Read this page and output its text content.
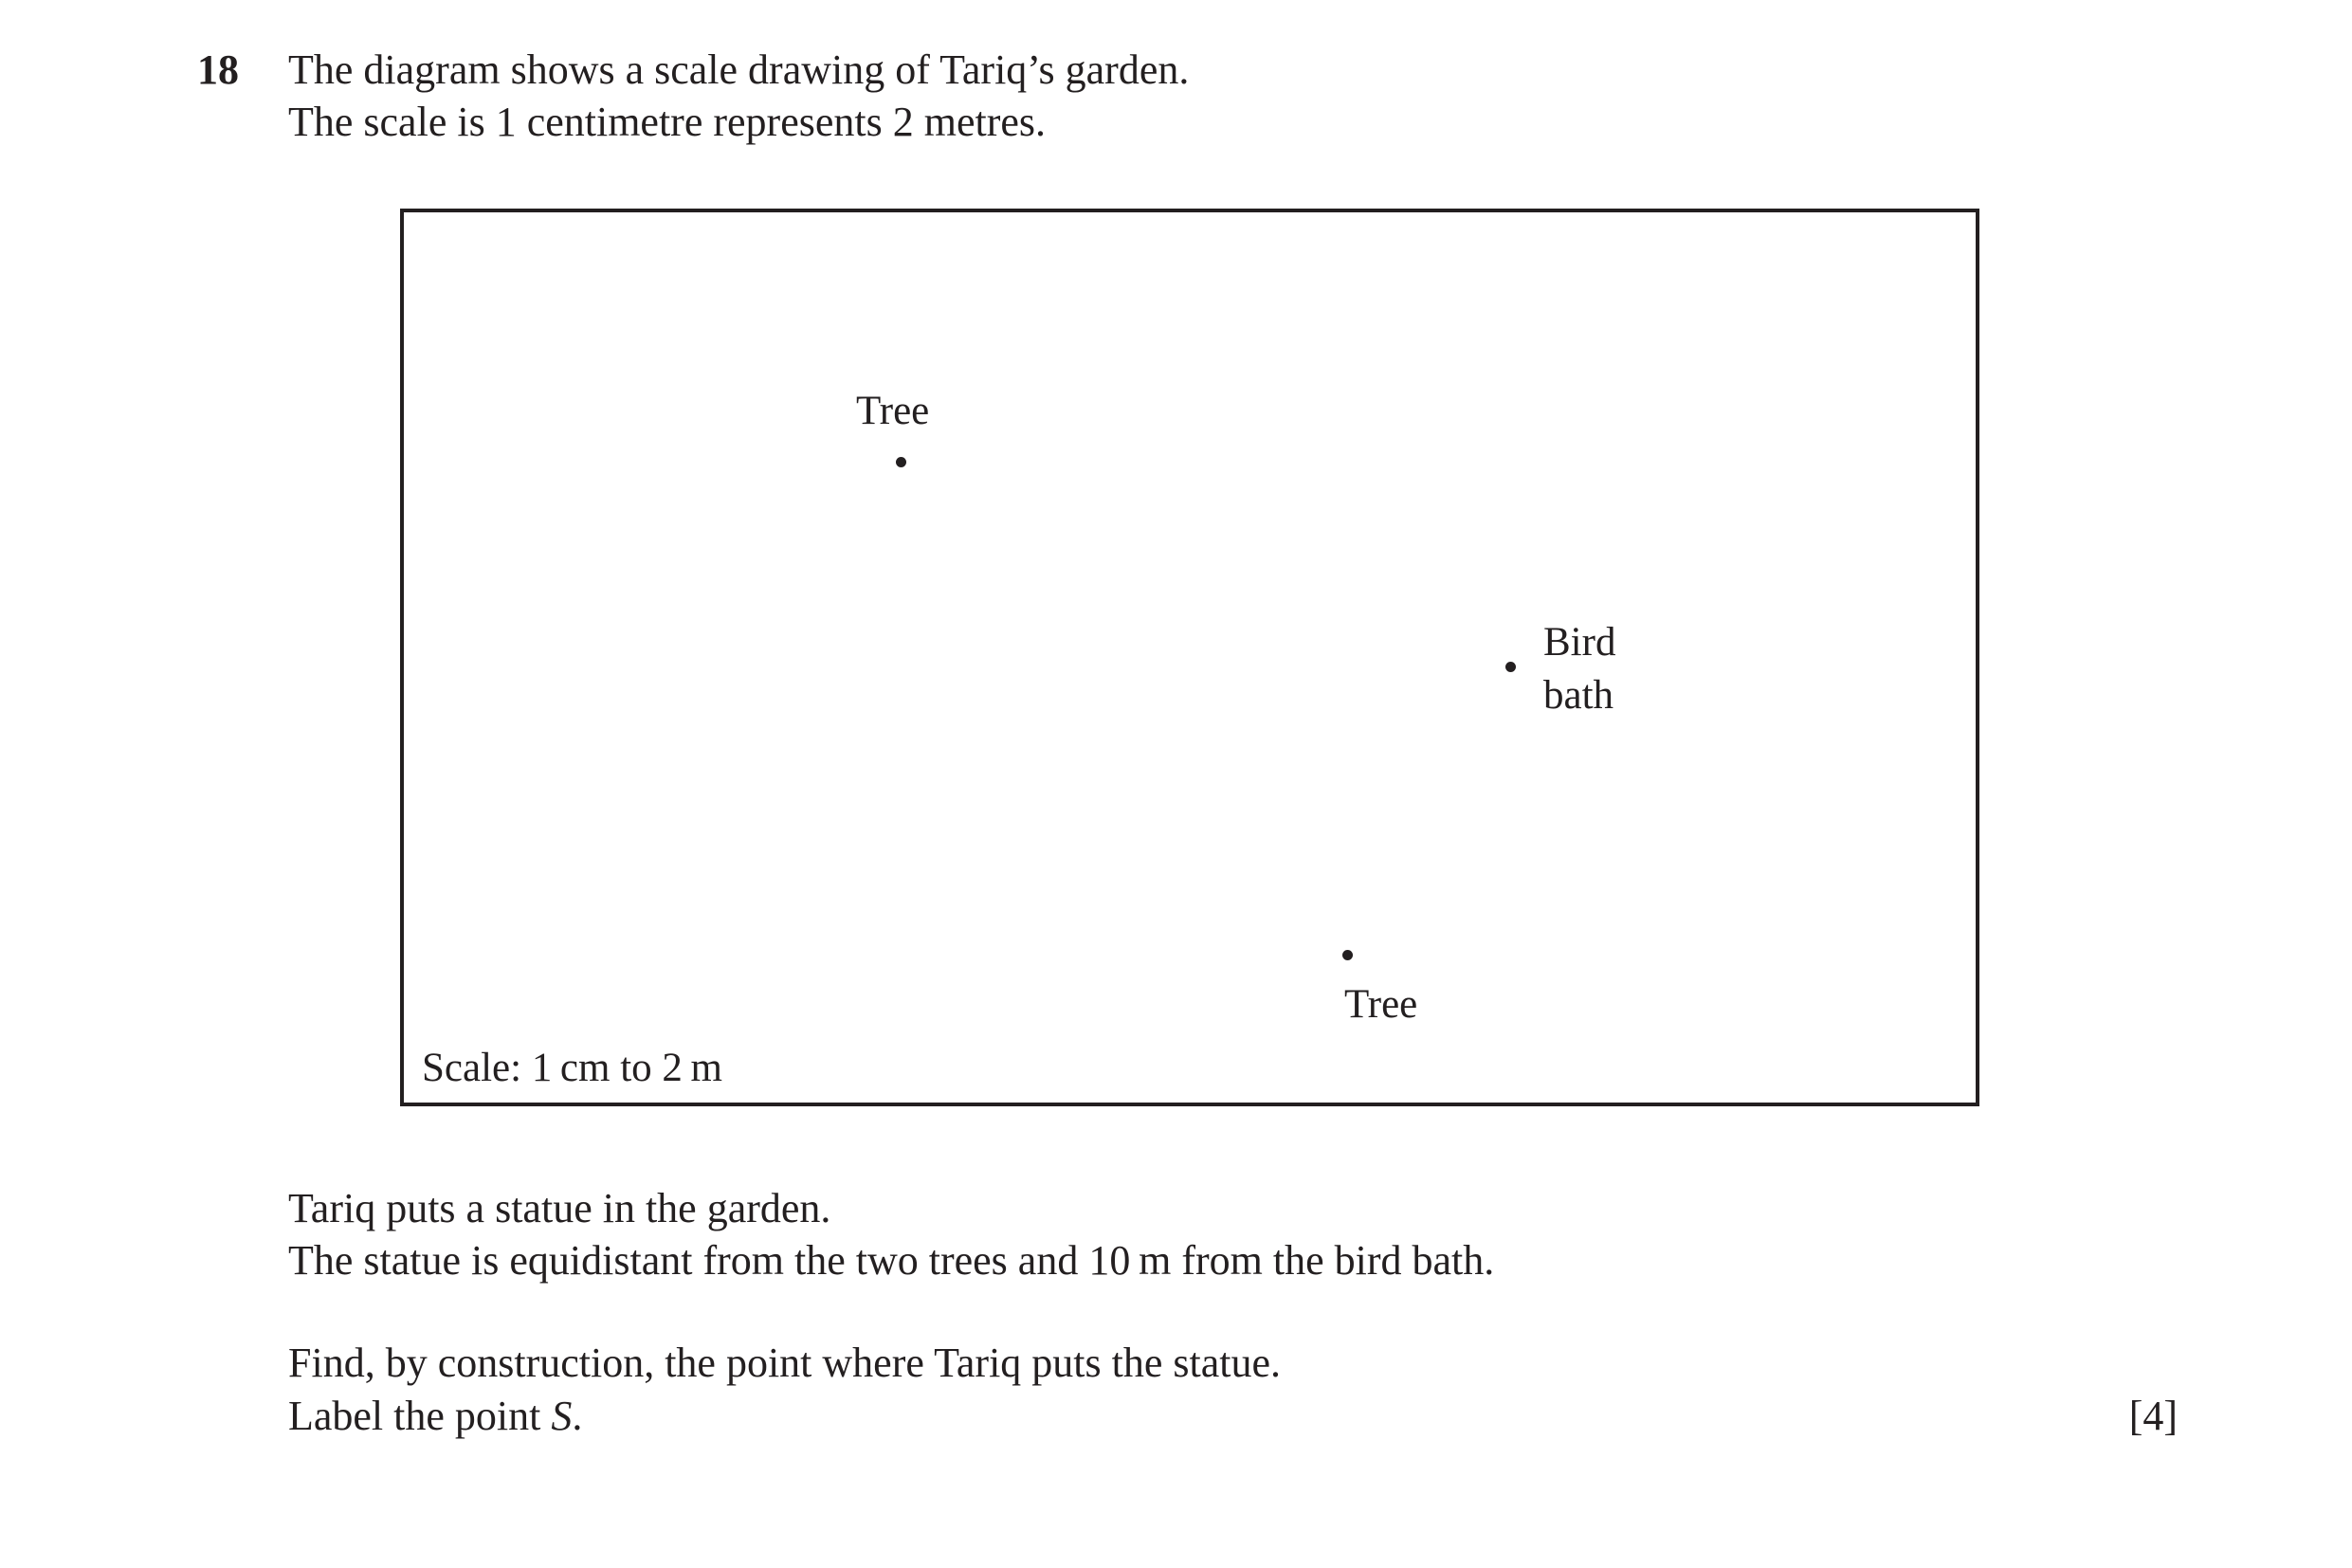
18 The diagram shows a scale drawing of Tariq’s garden.
The scale is 1 centimetre represents 2 metres.
Tree
Bird
bath
Tree
Scale: 1 cm to 2 m
Tariq puts a statue in the garden.
The statue is equidistant from the two trees and 10 m from the bird bath.
Find, by construction, the point where Tariq puts the statue.
Label the point S.	[4]
